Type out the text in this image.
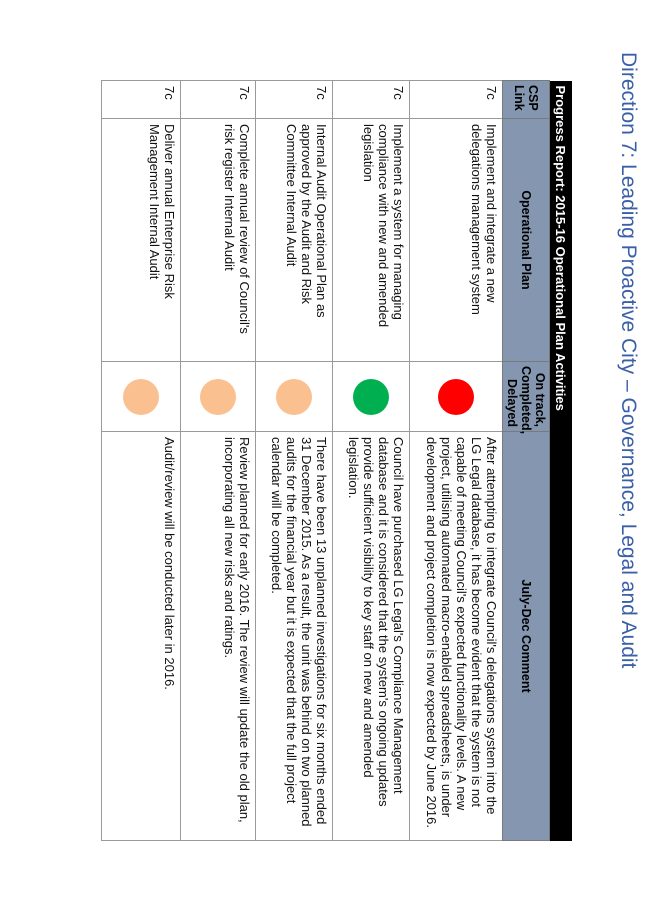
Direction 7: Leading Proactive City – Governance, Legal and Audit
Progress Report: 2015-16 Operational Plan Activities			
CSP Link	Operational Plan	On track, Completed, Delayed	July-Dec Comment
7c	Implement and integrate a new delegations management system		After attempting to integrate Council's delegations system into the LG Legal database, it has become evident that the system is not capable of meeting Council's expected functionality levels. A new project, utilising automated macro-enabled spreadsheets, is under development and project completion is now expected by June 2016.
7c	Implement a system for managing compliance with new and amended legislation		Council have purchased LG Legal's Compliance Management database and it is considered that the system's ongoing updates provide sufficient visibility to key staff on new and amended legislation.
7c	Internal Audit Operational Plan as approved by the Audit and Risk Committee Internal Audit		There have been 13 unplanned investigations for six months ended 31 December 2015. As a result, the unit was behind on two planned audits for the financial year but it is expected that the full project calendar will be completed.
7c	Complete annual review of Council's risk register Internal Audit		Review planned for early 2016. The review will update the old plan, incorporating all new risks and ratings.
7c	Deliver annual Enterprise Risk Management Internal Audit		Audit/review will be conducted later in 2016.
